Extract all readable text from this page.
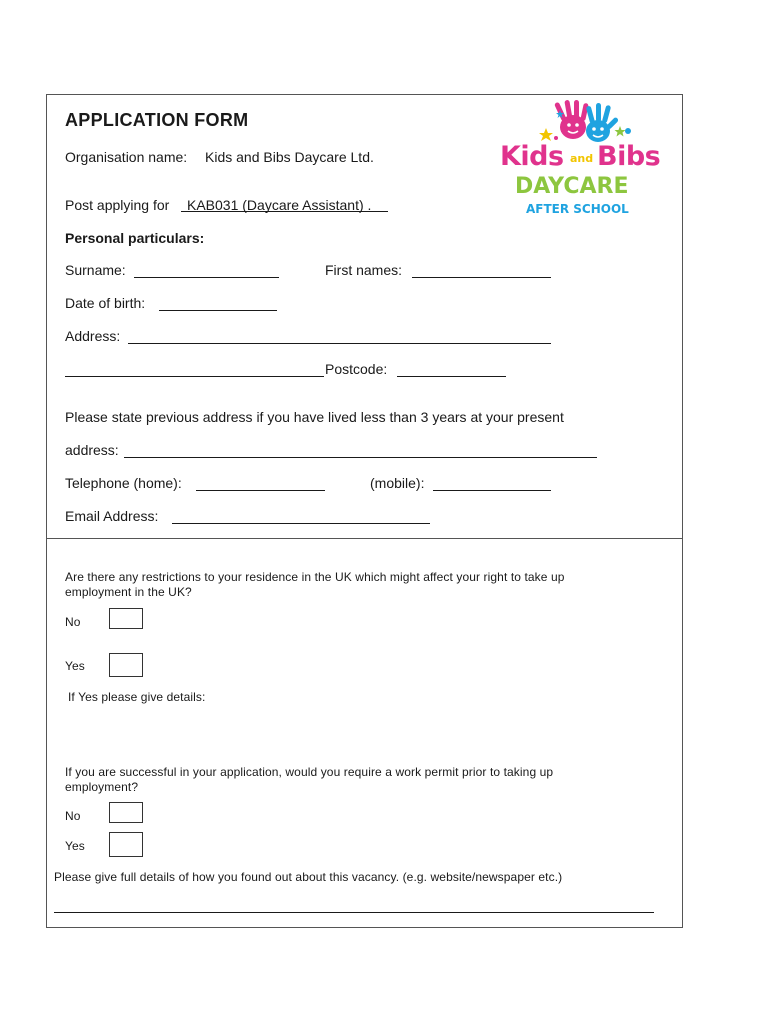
APPLICATION FORM
Organisation name: Kids and Bibs Daycare Ltd.
Post applying for KAB031 (Daycare Assistant) .
Kids and Bibs
DAYCARE
AFTER SCHOOL
Personal particulars:
Surname:	First names:
Date of birth:
Address:
Postcode:
Please state previous address if you have lived less than 3 years at your present
address:
Telephone (home):	(mobile):
Email Address:
Are there any restrictions to your residence in the UK which might affect your right to take up
employment in the UK?
No
Yes
If Yes please give details:
If you are successful in your application, would you require a work permit prior to taking up
employment?
No
Yes
Please give full details of how you found out about this vacancy. (e.g. website/newspaper etc.)
